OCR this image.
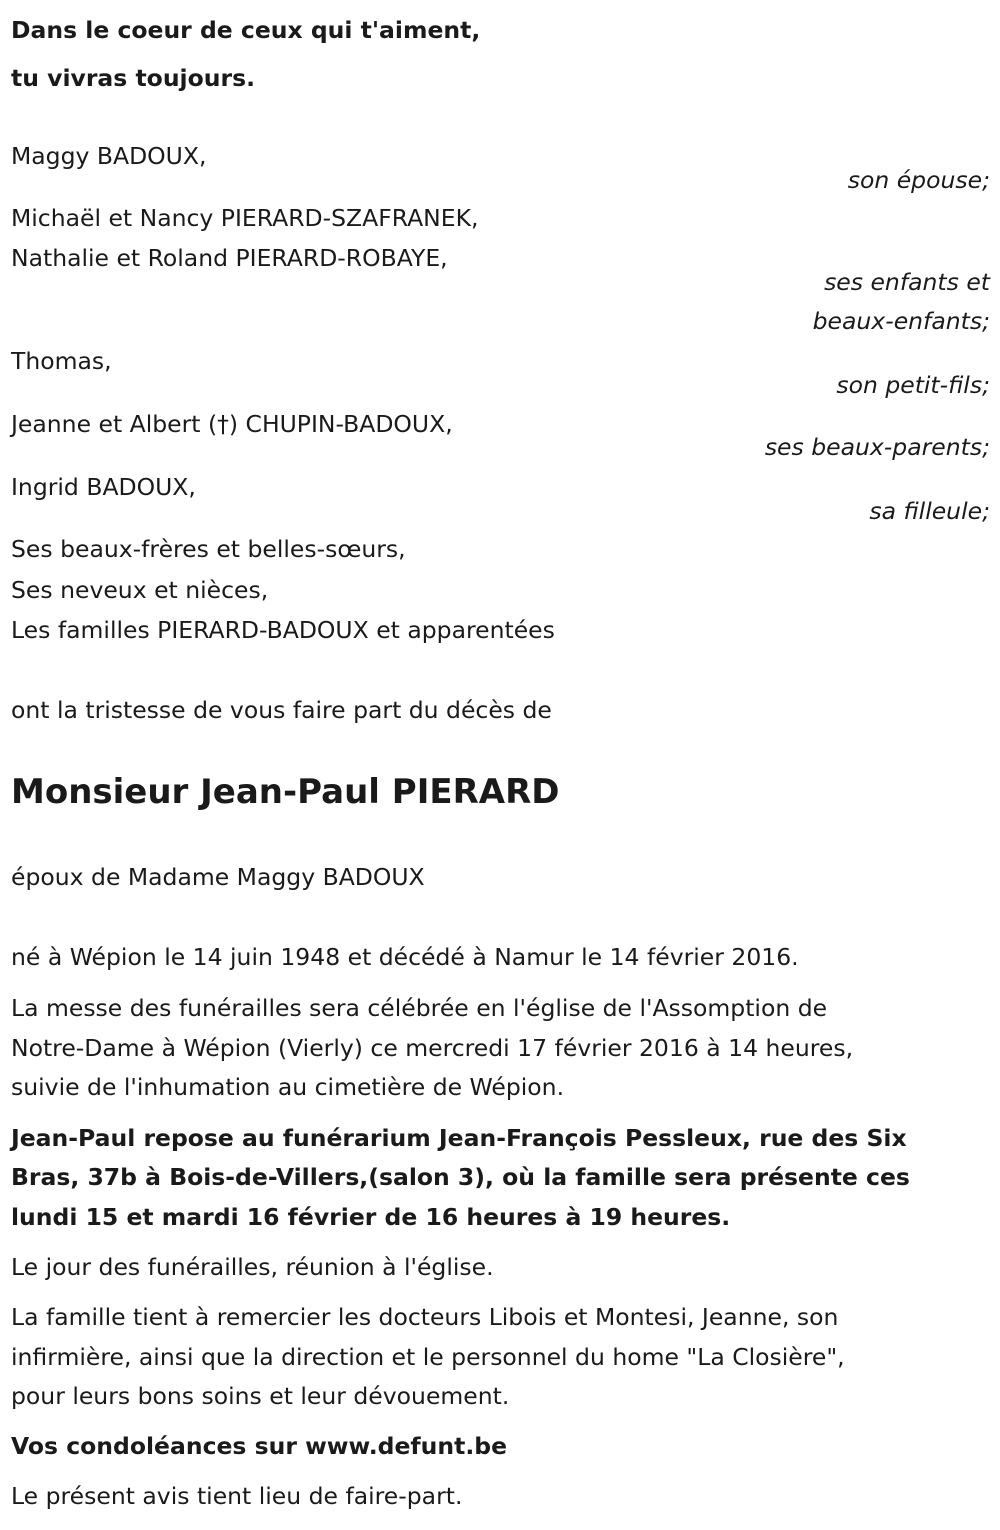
Dans le coeur de ceux qui t'aiment,
tu vivras toujours.
Maggy BADOUX,
son épouse;
Michaël et Nancy PIERARD-SZAFRANEK,
Nathalie et Roland PIERARD-ROBAYE,
ses enfants et
beaux-enfants;
Thomas,
son petit-fils;
Jeanne et Albert (†) CHUPIN-BADOUX,
ses beaux-parents;
Ingrid BADOUX,
sa filleule;
Ses beaux-frères et belles-sœurs,
Ses neveux et nièces,
Les familles PIERARD-BADOUX et apparentées
ont la tristesse de vous faire part du décès de
Monsieur Jean-Paul PIERARD
époux de Madame Maggy BADOUX
né à Wépion le 14 juin 1948 et décédé à Namur le 14 février 2016.
La messe des funérailles sera célébrée en l'église de l'Assomption de
Notre-Dame à Wépion (Vierly) ce mercredi 17 février 2016 à 14 heures,
suivie de l'inhumation au cimetière de Wépion.
Jean-Paul repose au funérarium Jean-François Pessleux, rue des Six
Bras, 37b à Bois-de-Villers,(salon 3), où la famille sera présente ces
lundi 15 et mardi 16 février de 16 heures à 19 heures.
Le jour des funérailles, réunion à l'église.
La famille tient à remercier les docteurs Libois et Montesi, Jeanne, son
infirmière, ainsi que la direction et le personnel du home "La Closière",
pour leurs bons soins et leur dévouement.
Vos condoléances sur www.defunt.be
Le présent avis tient lieu de faire-part.
